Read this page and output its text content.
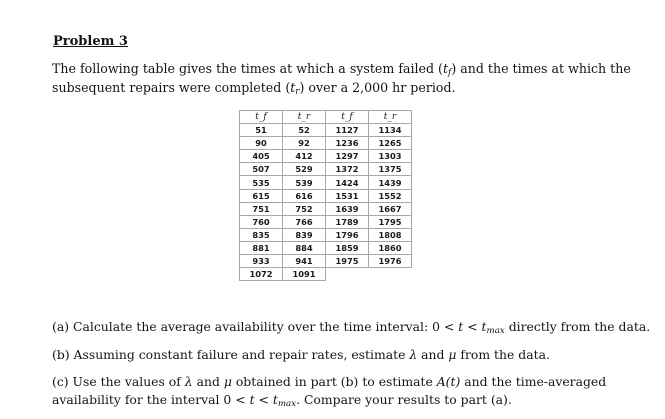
Problem 3
The following table gives the times at which a system failed $(t_f)$ and the times at which the
subsequent repairs were completed $(t_r)$ over a 2,000 hr period.
t_f	t_r	t_f	t_r
51	52	1127	1134
90	92	1236	1265
405	412	1297	1303
507	529	1372	1375
535	539	1424	1439
615	616	1531	1552
751	752	1639	1667
760	766	1789	1795
835	839	1796	1808
881	884	1859	1860
933	941	1975	1976
1072	1091		
(a) Calculate the average availability over the time interval: $0 < t < t_{max}$ directly from the data.
(b) Assuming constant failure and repair rates, estimate λ and μ from the data.
(c) Use the values of λ and μ obtained in part (b) to estimate A(t) and the time-averaged
availability for the interval $0 < t < t_{max}$. Compare your results to part (a).
